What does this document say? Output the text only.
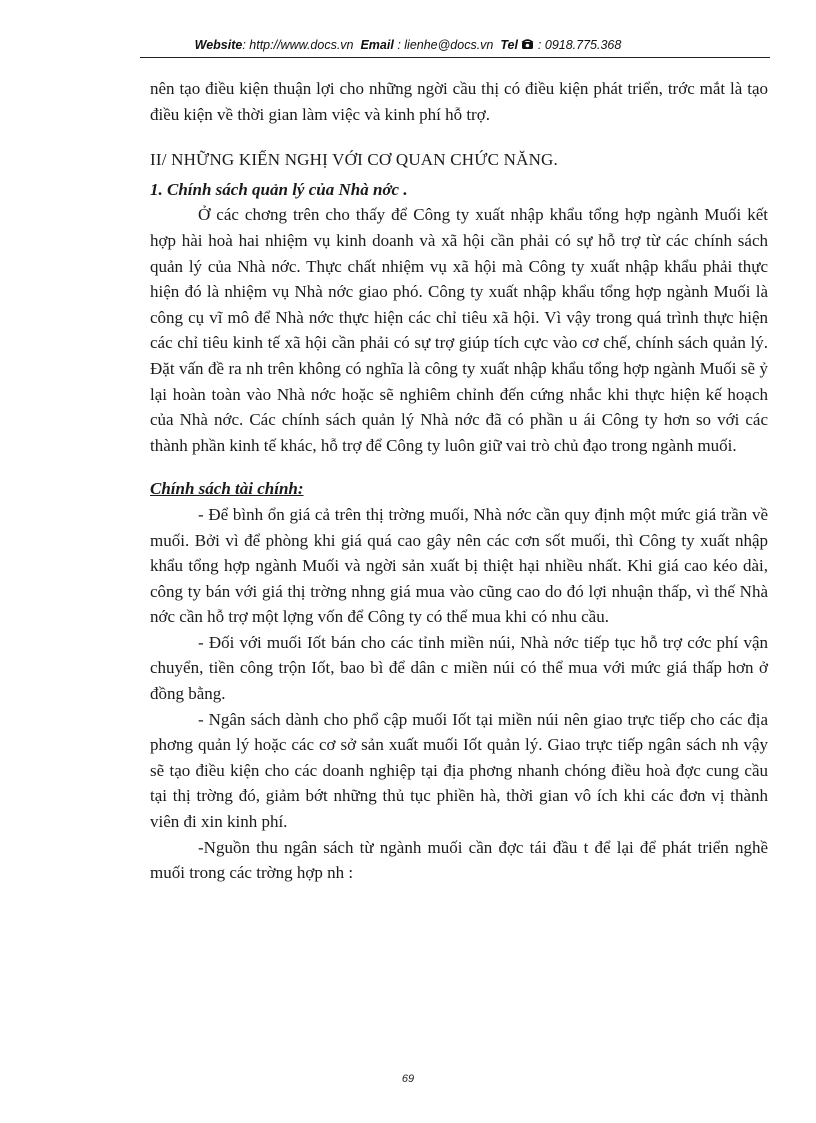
Website: http://www.docs.vn Email : lienhe@docs.vn Tel : 0918.775.368

nên tạo điều kiện thuận lợi cho những ngời cầu thị có điều kiện phát triển, trớc mắt là tạo điều kiện về thời gian làm việc và kinh phí hỗ trợ.

II/ NHỮNG KIẾN NGHỊ VỚI CƠ QUAN CHỨC NĂNG.
1. Chính sách quản lý của Nhà nớc .

Ở các chơng trên cho thấy để Công ty xuất nhập khẩu tổng hợp ngành Muối kết hợp hài hoà hai nhiệm vụ kinh doanh và xã hội cần phải có sự hỗ trợ từ các chính sách quản lý của Nhà nớc. Thực chất nhiệm vụ xã hội mà Công ty xuất nhập khẩu phải thực hiện đó là nhiệm vụ Nhà nớc giao phó. Công ty xuất nhập khẩu tổng hợp ngành Muối là công cụ vĩ mô để Nhà nớc thực hiện các chỉ tiêu xã hội. Vì vậy trong quá trình thực hiện các chỉ tiêu kinh tế xã hội cần phải có sự trợ giúp tích cực vào cơ chế, chính sách quản lý. Đặt vấn đề ra nh trên không có nghĩa là công ty xuất nhập khẩu tổng hợp ngành Muối sẽ ỷ lại hoàn toàn vào Nhà nớc hoặc sẽ nghiêm chỉnh đến cứng nhắc khi thực hiện kế hoạch của Nhà nớc. Các chính sách quản lý Nhà nớc đã có phần u ái Công ty hơn so với các thành phần kinh tế khác, hỗ trợ để Công ty luôn giữ vai trò chủ đạo trong ngành muối.

Chính sách tài chính:

- Để bình ổn giá cả trên thị trờng muối, Nhà nớc cần quy định một mức giá trần về muối. Bởi vì để phòng khi giá quá cao gây nên các cơn sốt muối, thì Công ty xuất nhập khẩu tổng hợp ngành Muối và ngời sản xuất bị thiệt hại nhiều nhất. Khi giá cao kéo dài, công ty bán với giá thị trờng nhng giá mua vào cũng cao do đó lợi nhuận thấp, vì thế Nhà nớc cần hỗ trợ một lợng vốn để Công ty có thể mua khi có nhu cầu.

- Đối với muối Iốt bán cho các tỉnh miền núi, Nhà nớc tiếp tục hỗ trợ cớc phí vận chuyển, tiền công trộn Iốt, bao bì để dân c miền núi có thể mua với mức giá thấp hơn ở đồng bằng.

- Ngân sách dành cho phổ cập muối Iốt tại miền núi nên giao trực tiếp cho các địa phơng quản lý hoặc các cơ sở sản xuất muối Iốt quản lý. Giao trực tiếp ngân sách nh vậy sẽ tạo điều kiện cho các doanh nghiệp tại địa phơng nhanh chóng điều hoà đợc cung cầu tại thị trờng đó, giảm bớt những thủ tục phiền hà, thời gian vô ích khi các đơn vị thành viên đi xin kinh phí.

-Nguồn thu ngân sách từ ngành muối cần đợc tái đầu t để lại để phát triển nghề muối trong các trờng hợp nh :

69
